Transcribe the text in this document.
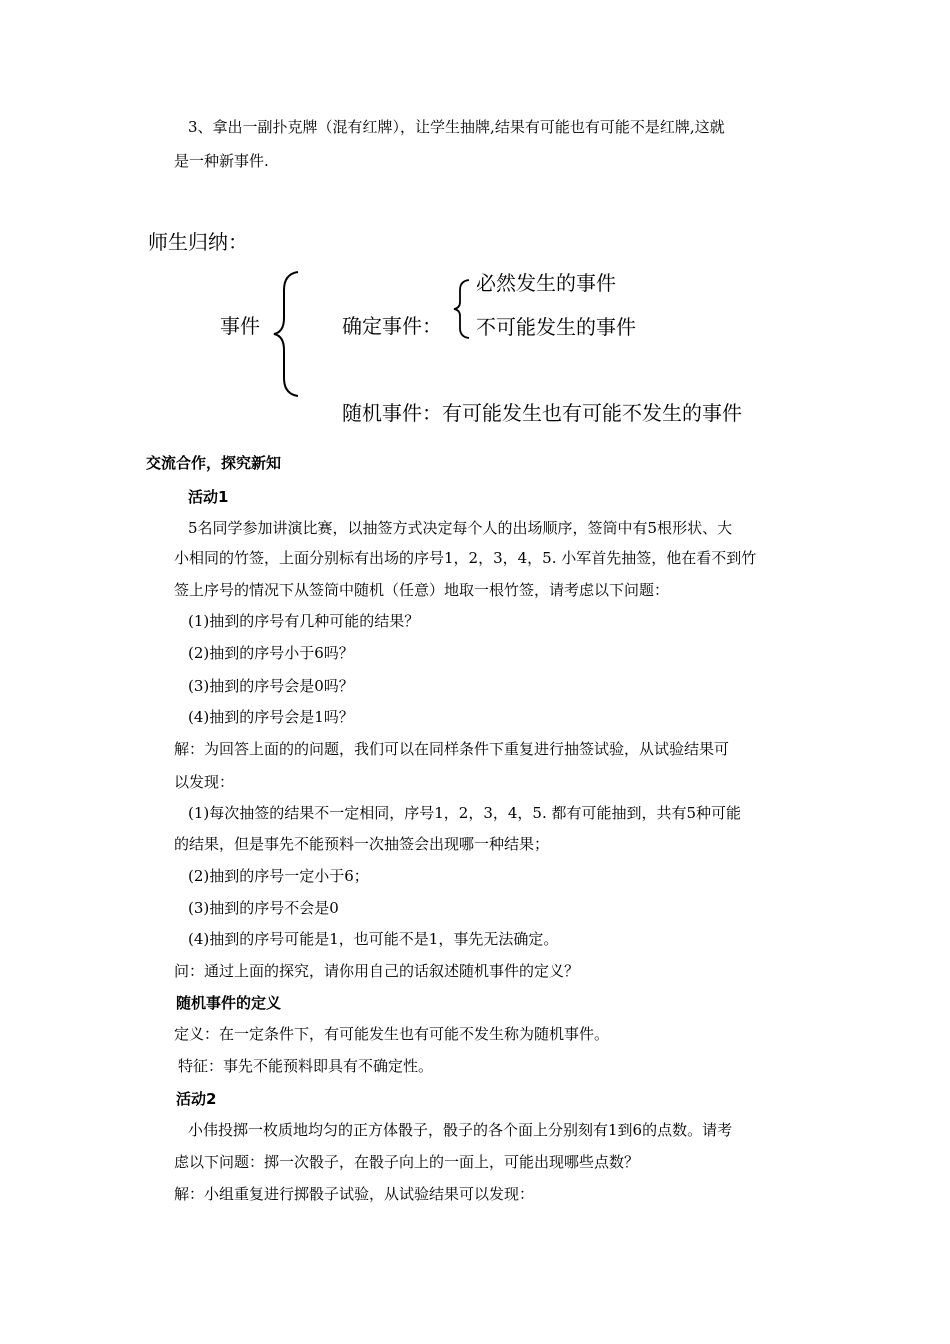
3、拿出一副扑克牌（混有红牌），让学生抽牌,结果有可能也有可能不是红牌,这就
是一种新事件.
师生归纳：
事件	确定事件：
必然发生的事件
不可能发生的事件
随机事件：有可能发生也有可能不发生的事件
交流合作，探究新知
活动1
5名同学参加讲演比赛，以抽签方式决定每个人的出场顺序，签筒中有5根形状、大
小相同的竹签，上面分别标有出场的序号1，2，3，4，5. 小军首先抽签，他在看不到竹
签上序号的情况下从签筒中随机（任意）地取一根竹签，请考虑以下问题：
(1)抽到的序号有几种可能的结果？
(2)抽到的序号小于6吗？
(3)抽到的序号会是0吗？
(4)抽到的序号会是1吗？
解：为回答上面的的问题，我们可以在同样条件下重复进行抽签试验，从试验结果可
以发现：
(1)每次抽签的结果不一定相同，序号1，2，3，4，5. 都有可能抽到，共有5种可能
的结果，但是事先不能预料一次抽签会出现哪一种结果；
(2)抽到的序号一定小于6；
(3)抽到的序号不会是0
(4)抽到的序号可能是1，也可能不是1，事先无法确定。
问：通过上面的探究，请你用自己的话叙述随机事件的定义？
随机事件的定义
定义：在一定条件下，有可能发生也有可能不发生称为随机事件。
特征：事先不能预料即具有不确定性。
活动2
小伟投掷一枚质地均匀的正方体骰子，骰子的各个面上分别刻有1到6的点数。请考
虑以下问题：掷一次骰子，在骰子向上的一面上，可能出现哪些点数？
解：小组重复进行掷骰子试验，从试验结果可以发现：
